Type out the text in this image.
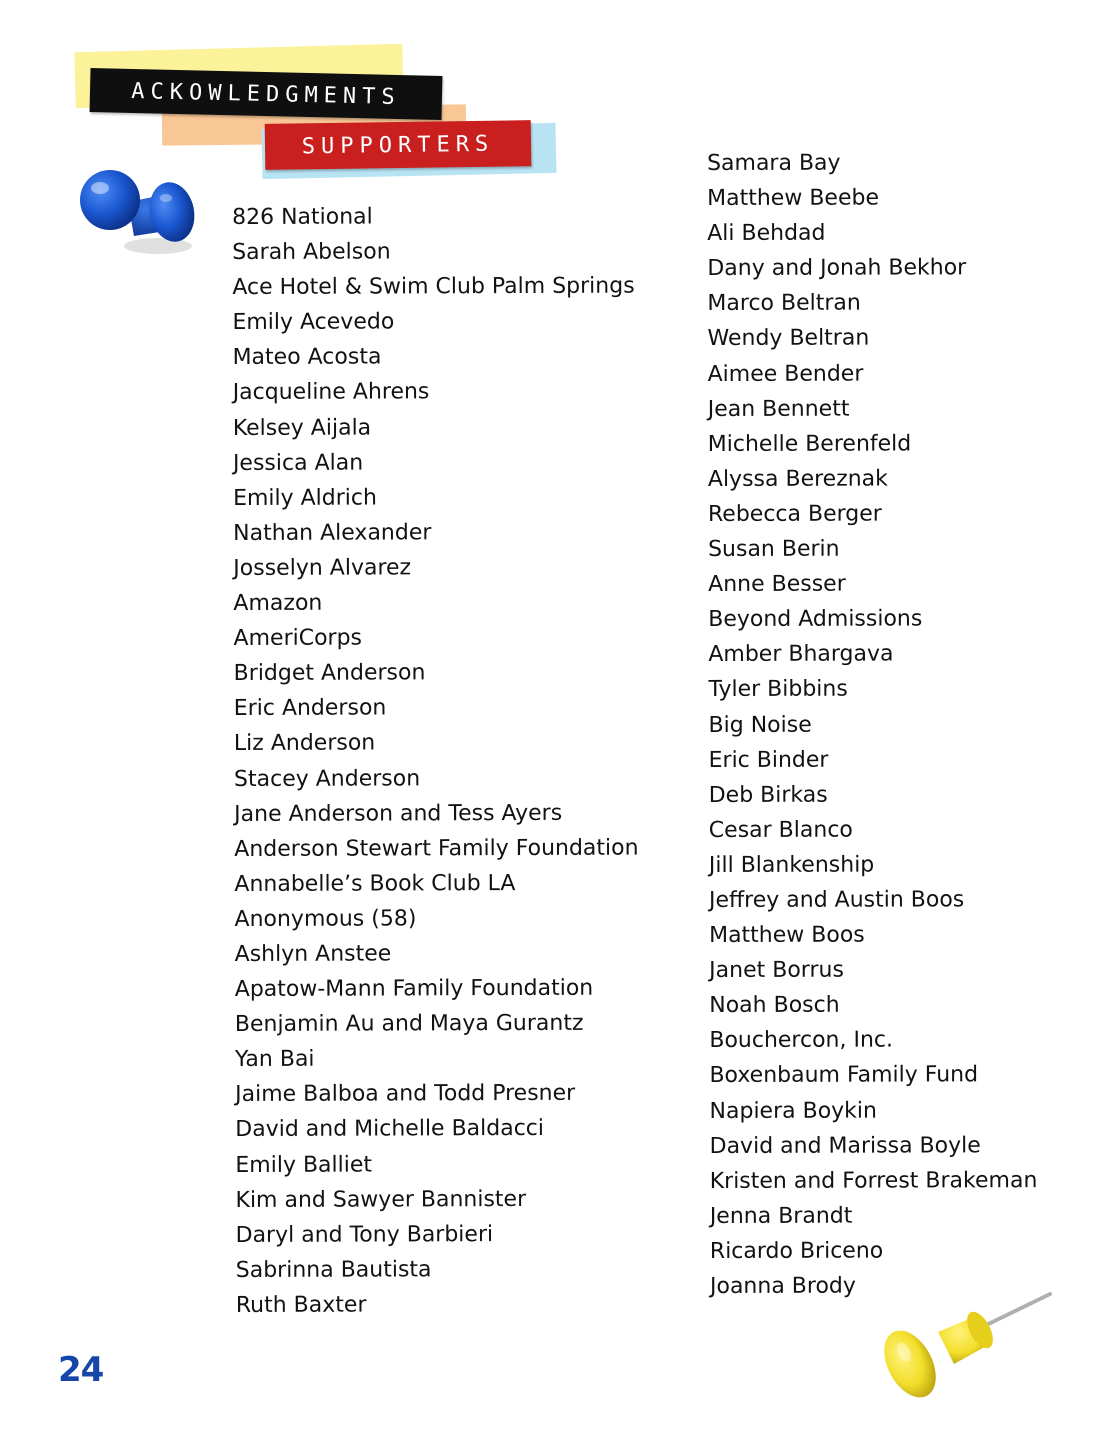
ACKOWLEDGMENTS
SUPPORTERS
826 National
Sarah Abelson
Ace Hotel & Swim Club Palm Springs
Emily Acevedo
Mateo Acosta
Jacqueline Ahrens
Kelsey Aijala
Jessica Alan
Emily Aldrich
Nathan Alexander
Josselyn Alvarez
Amazon
AmeriCorps
Bridget Anderson
Eric Anderson
Liz Anderson
Stacey Anderson
Jane Anderson and Tess Ayers
Anderson Stewart Family Foundation
Annabelle’s Book Club LA
Anonymous (58)
Ashlyn Anstee
Apatow-Mann Family Foundation
Benjamin Au and Maya Gurantz
Yan Bai
Jaime Balboa and Todd Presner
David and Michelle Baldacci
Emily Balliet
Kim and Sawyer Bannister
Daryl and Tony Barbieri
Sabrinna Bautista
Ruth Baxter
Samara Bay
Matthew Beebe
Ali Behdad
Dany and Jonah Bekhor
Marco Beltran
Wendy Beltran
Aimee Bender
Jean Bennett
Michelle Berenfeld
Alyssa Bereznak
Rebecca Berger
Susan Berin
Anne Besser
Beyond Admissions
Amber Bhargava
Tyler Bibbins
Big Noise
Eric Binder
Deb Birkas
Cesar Blanco
Jill Blankenship
Jeffrey and Austin Boos
Matthew Boos
Janet Borrus
Noah Bosch
Bouchercon, Inc.
Boxenbaum Family Fund
Napiera Boykin
David and Marissa Boyle
Kristen and Forrest Brakeman
Jenna Brandt
Ricardo Briceno
Joanna Brody
24
